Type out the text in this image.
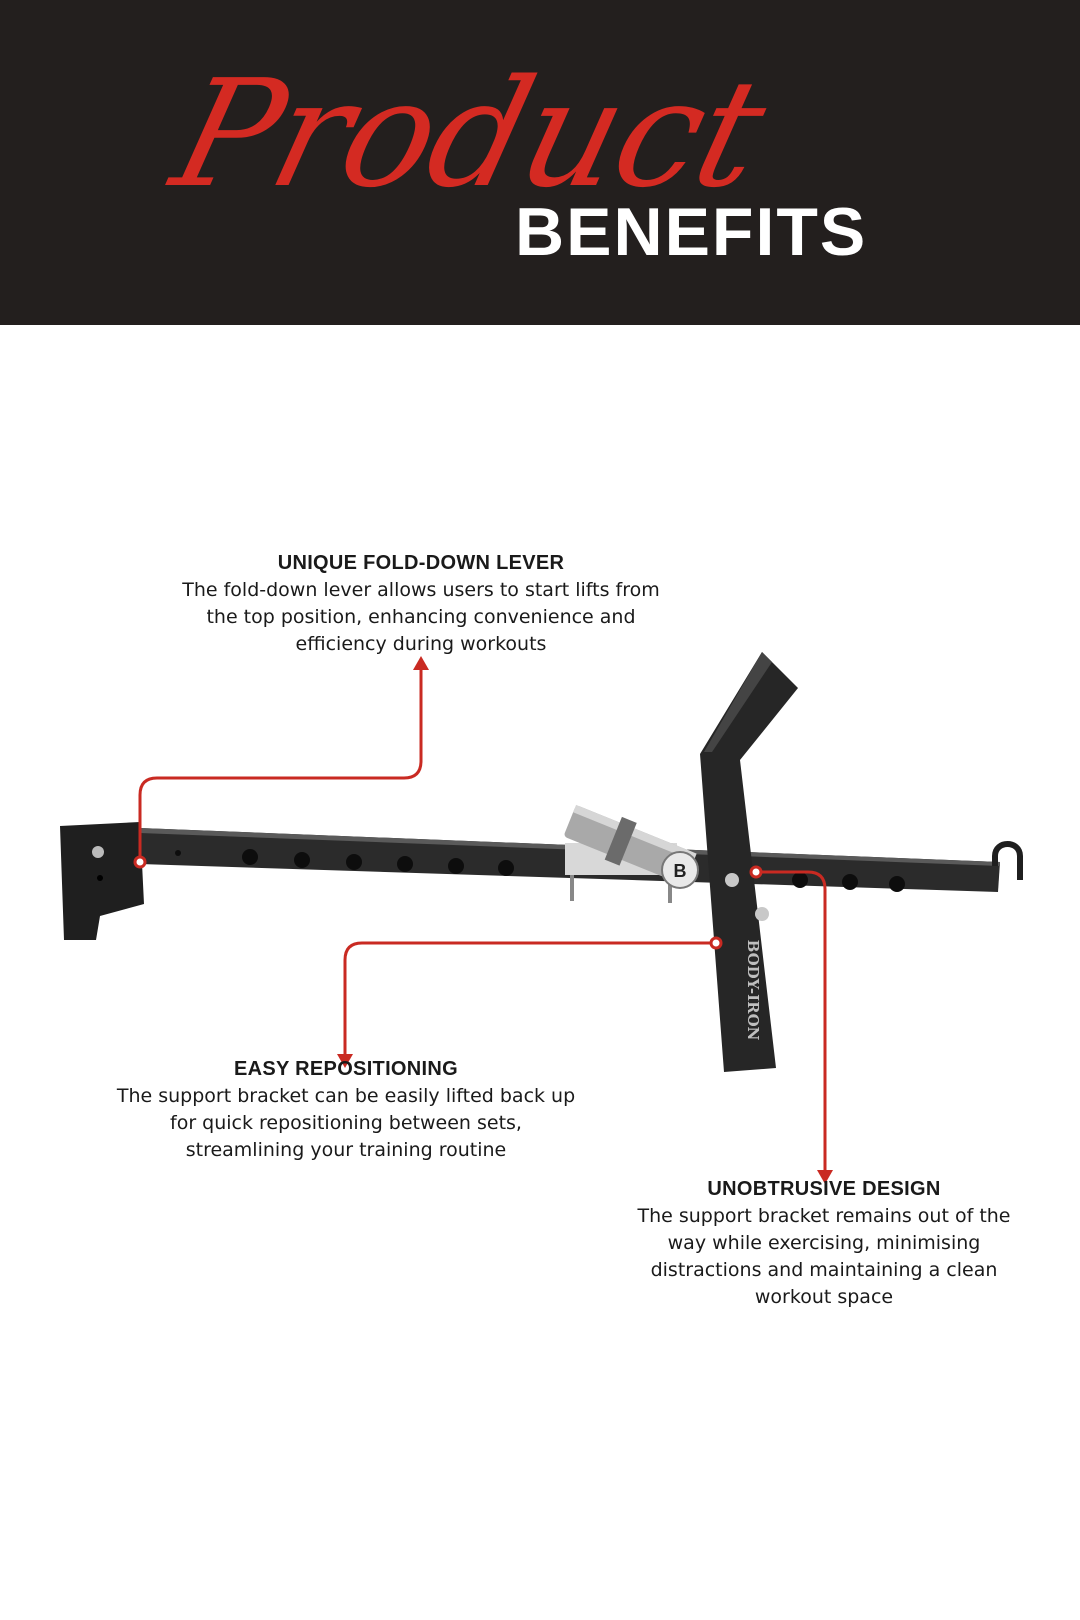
Product
BENEFITS
B
BODY-IRON
UNIQUE FOLD-DOWN LEVER
The fold-down lever allows users to start lifts from the top position, enhancing convenience and efficiency during workouts
EASY REPOSITIONING
The support bracket can be easily lifted back up for quick repositioning between sets, streamlining your training routine
UNOBTRUSIVE DESIGN
The support bracket remains out of the way while exercising, minimising distractions and maintaining a clean workout space
